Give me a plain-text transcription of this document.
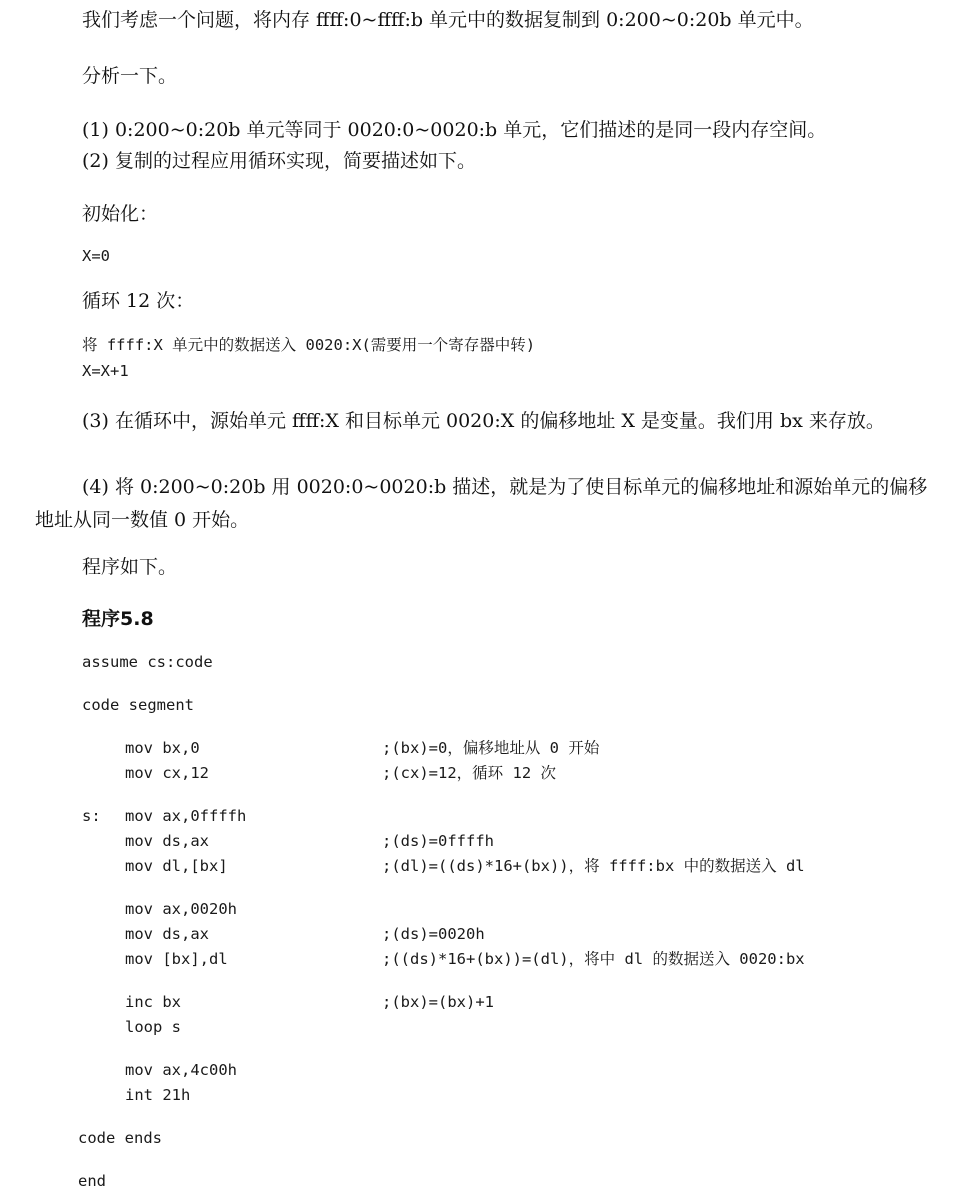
我们考虑一个问题，将内存 ffff:0~ffff:b 单元中的数据复制到 0:200~0:20b 单元中。
分析一下。
(1) 0:200~0:20b 单元等同于 0020:0~0020:b 单元，它们描述的是同一段内存空间。
(2) 复制的过程应用循环实现，简要描述如下。
初始化：
X=0
循环 12 次：
将 ffff:X 单元中的数据送入 0020:X(需要用一个寄存器中转)
X=X+1
(3) 在循环中，源始单元 ffff:X 和目标单元 0020:X 的偏移地址 X 是变量。我们用 bx 来存放。
(4) 将 0:200~0:20b 用 0020:0~0020:b 描述，就是为了使目标单元的偏移地址和源始单元的偏移地址从同一数值 0 开始。
程序如下。
程序5.8
assume cs:code
code segment
mov bx,0	;(bx)=0，偏移地址从 0 开始
mov cx,12	;(cx)=12，循环 12 次
s: mov ax,0ffffh
mov ds,ax	;(ds)=0ffffh
mov dl,[bx]	;(dl)=((ds)*16+(bx))，将 ffff:bx 中的数据送入 dl
mov ax,0020h
mov ds,ax	;(ds)=0020h
mov [bx],dl	;((ds)*16+(bx))=(dl)，将中 dl 的数据送入 0020:bx
inc bx	;(bx)=(bx)+1
loop s
mov ax,4c00h
int 21h
code ends
end
